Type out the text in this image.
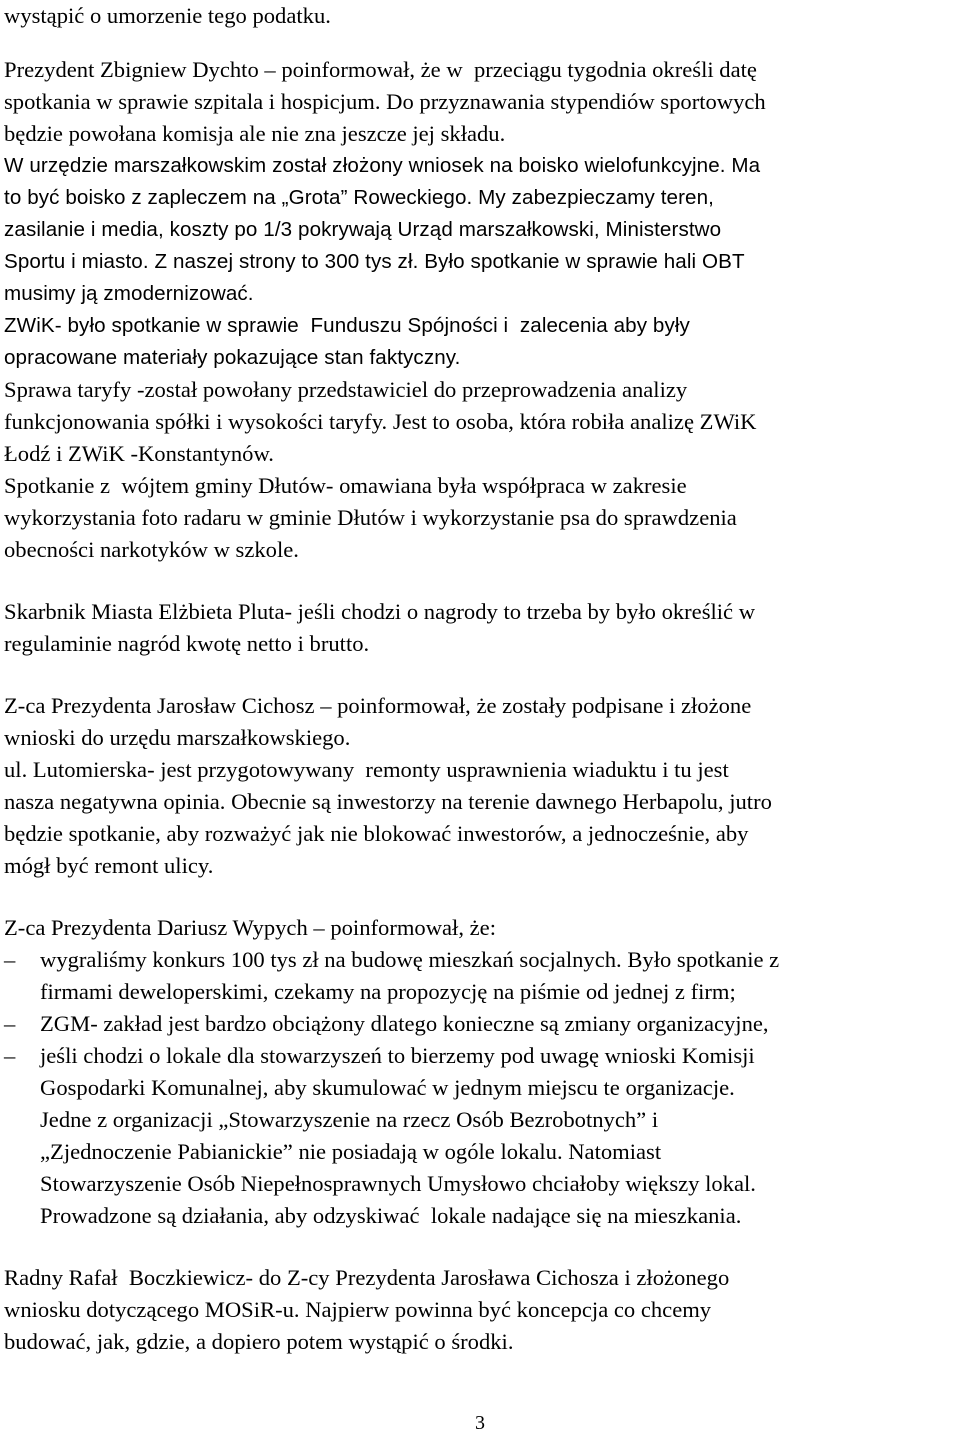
wystąpić o umorzenie tego podatku.
Prezydent Zbigniew Dychto – poinformował, że w  przeciągu tygodnia określi datę
spotkania w sprawie szpitala i hospicjum. Do przyznawania stypendiów sportowych
będzie powołana komisja ale nie zna jeszcze jej składu.
W urzędzie marszałkowskim został złożony wniosek na boisko wielofunkcyjne. Ma
to być boisko z zapleczem na „Grota” Roweckiego. My zabezpieczamy teren,
zasilanie i media, koszty po 1/3 pokrywają Urząd marszałkowski, Ministerstwo
Sportu i miasto. Z naszej strony to 300 tys zł. Było spotkanie w sprawie hali OBT
musimy ją zmodernizować.
ZWiK- było spotkanie w sprawie  Funduszu Spójności i  zalecenia aby były
opracowane materiały pokazujące stan faktyczny.
Sprawa taryfy -został powołany przedstawiciel do przeprowadzenia analizy
funkcjonowania spółki i wysokości taryfy. Jest to osoba, która robiła analizę ZWiK
Łodź i ZWiK -Konstantynów.
Spotkanie z  wójtem gminy Dłutów- omawiana była współpraca w zakresie
wykorzystania foto radaru w gminie Dłutów i wykorzystanie psa do sprawdzenia
obecności narkotyków w szkole.
Skarbnik Miasta Elżbieta Pluta- jeśli chodzi o nagrody to trzeba by było określić w
regulaminie nagród kwotę netto i brutto.
Z-ca Prezydenta Jarosław Cichosz – poinformował, że zostały podpisane i złożone
wnioski do urzędu marszałkowskiego.
ul. Lutomierska- jest przygotowywany  remonty usprawnienia wiaduktu i tu jest
nasza negatywna opinia. Obecnie są inwestorzy na terenie dawnego Herbapolu, jutro
będzie spotkanie, aby rozważyć jak nie blokować inwestorów, a jednocześnie, aby
mógł być remont ulicy.
Z-ca Prezydenta Dariusz Wypych – poinformował, że:
– wygraliśmy konkurs 100 tys zł na budowę mieszkań socjalnych. Było spotkanie z
firmami deweloperskimi, czekamy na propozycję na piśmie od jednej z firm;
– ZGM- zakład jest bardzo obciążony dlatego konieczne są zmiany organizacyjne,
– jeśli chodzi o lokale dla stowarzyszeń to bierzemy pod uwagę wnioski Komisji
Gospodarki Komunalnej, aby skumulować w jednym miejscu te organizacje.
Jedne z organizacji „Stowarzyszenie na rzecz Osób Bezrobotnych” i
„Zjednoczenie Pabianickie” nie posiadają w ogóle lokalu. Natomiast
Stowarzyszenie Osób Niepełnosprawnych Umysłowo chciałoby większy lokal.
Prowadzone są działania, aby odzyskiwać  lokale nadające się na mieszkania.
Radny Rafał  Boczkiewicz- do Z-cy Prezydenta Jarosława Cichosza i złożonego
wniosku dotyczącego MOSiR-u. Najpierw powinna być koncepcja co chcemy
budować, jak, gdzie, a dopiero potem wystąpić o środki.
3
